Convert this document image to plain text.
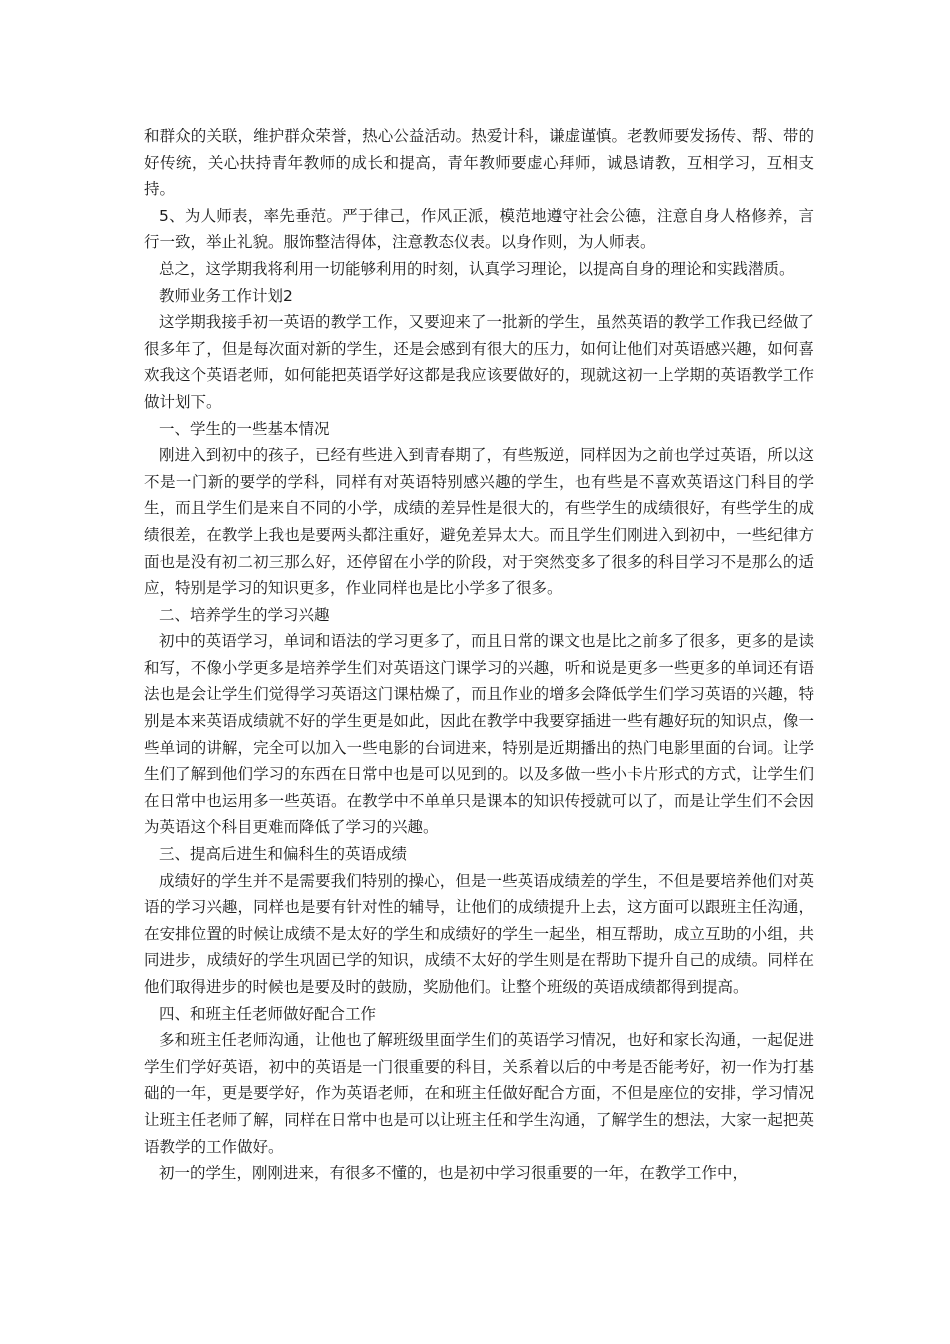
和群众的关联，维护群众荣誉，热心公益活动。热爱计科，谦虚谨慎。老教师要发扬传、帮、带的好传统，关心扶持青年教师的成长和提高，青年教师要虚心拜师，诚恳请教，互相学习，互相支持。

5、为人师表，率先垂范。严于律己，作风正派，模范地遵守社会公德，注意自身人格修养，言行一致，举止礼貌。服饰整洁得体，注意教态仪表。以身作则，为人师表。

总之，这学期我将利用一切能够利用的时刻，认真学习理论，以提高自身的理论和实践潜质。

教师业务工作计划2

这学期我接手初一英语的教学工作，又要迎来了一批新的学生，虽然英语的教学工作我已经做了很多年了，但是每次面对新的学生，还是会感到有很大的压力，如何让他们对英语感兴趣，如何喜欢我这个英语老师，如何能把英语学好这都是我应该要做好的，现就这初一上学期的英语教学工作做计划下。

一、学生的一些基本情况

刚进入到初中的孩子，已经有些进入到青春期了，有些叛逆，同样因为之前也学过英语，所以这不是一门新的要学的学科，同样有对英语特别感兴趣的学生，也有些是不喜欢英语这门科目的学生，而且学生们是来自不同的小学，成绩的差异性是很大的，有些学生的成绩很好，有些学生的成绩很差，在教学上我也是要两头都注重好，避免差异太大。而且学生们刚进入到初中，一些纪律方面也是没有初二初三那么好，还停留在小学的阶段，对于突然变多了很多的科目学习不是那么的适应，特别是学习的知识更多，作业同样也是比小学多了很多。

二、培养学生的学习兴趣

初中的英语学习，单词和语法的学习更多了，而且日常的课文也是比之前多了很多，更多的是读和写，不像小学更多是培养学生们对英语这门课学习的兴趣，听和说是更多一些更多的单词还有语法也是会让学生们觉得学习英语这门课枯燥了，而且作业的增多会降低学生们学习英语的兴趣，特别是本来英语成绩就不好的学生更是如此，因此在教学中我要穿插进一些有趣好玩的知识点，像一些单词的讲解，完全可以加入一些电影的台词进来，特别是近期播出的热门电影里面的台词。让学生们了解到他们学习的东西在日常中也是可以见到的。以及多做一些小卡片形式的方式，让学生们在日常中也运用多一些英语。在教学中不单单只是课本的知识传授就可以了，而是让学生们不会因为英语这个科目更难而降低了学习的兴趣。

三、提高后进生和偏科生的英语成绩

成绩好的学生并不是需要我们特别的操心，但是一些英语成绩差的学生，不但是要培养他们对英语的学习兴趣，同样也是要有针对性的辅导，让他们的成绩提升上去，这方面可以跟班主任沟通，在安排位置的时候让成绩不是太好的学生和成绩好的学生一起坐，相互帮助，成立互助的小组，共同进步，成绩好的学生巩固已学的知识，成绩不太好的学生则是在帮助下提升自己的成绩。同样在他们取得进步的时候也是要及时的鼓励，奖励他们。让整个班级的英语成绩都得到提高。

四、和班主任老师做好配合工作

多和班主任老师沟通，让他也了解班级里面学生们的英语学习情况，也好和家长沟通，一起促进学生们学好英语，初中的英语是一门很重要的科目，关系着以后的中考是否能考好，初一作为打基础的一年，更是要学好，作为英语老师，在和班主任做好配合方面，不但是座位的安排，学习情况让班主任老师了解，同样在日常中也是可以让班主任和学生沟通，了解学生的想法，大家一起把英语教学的工作做好。

初一的学生，刚刚进来，有很多不懂的，也是初中学习很重要的一年，在教学工作中，
